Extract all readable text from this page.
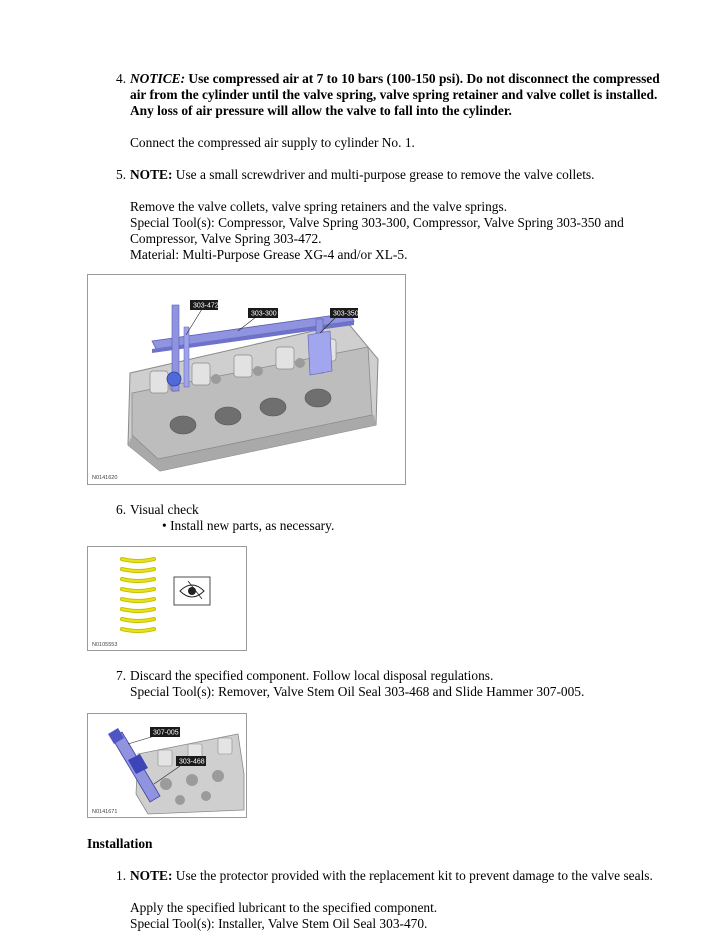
4. NOTICE: Use compressed air at 7 to 10 bars (100-150 psi). Do not disconnect the compressed
air from the cylinder until the valve spring, valve spring retainer and valve collet is installed.
Any loss of air pressure will allow the valve to fall into the cylinder.
Connect the compressed air supply to cylinder No. 1.
5. NOTE: Use a small screwdriver and multi-purpose grease to remove the valve collets.
Remove the valve collets, valve spring retainers and the valve springs.
Special Tool(s): Compressor, Valve Spring 303-300, Compressor, Valve Spring 303-350 and
Compressor, Valve Spring 303-472.
Material: Multi-Purpose Grease XG-4 and/or XL-5.
303-472
303-300	303-350
N0141620
6. Visual check
• Install new parts, as necessary.
N0105553
7. Discard the specified component. Follow local disposal regulations.
Special Tool(s): Remover, Valve Stem Oil Seal 303-468 and Slide Hammer 307-005.
307-005
303-468
N0141671
Installation
1. NOTE: Use the protector provided with the replacement kit to prevent damage to the valve seals.
Apply the specified lubricant to the specified component.
Special Tool(s): Installer, Valve Stem Oil Seal 303-470.
